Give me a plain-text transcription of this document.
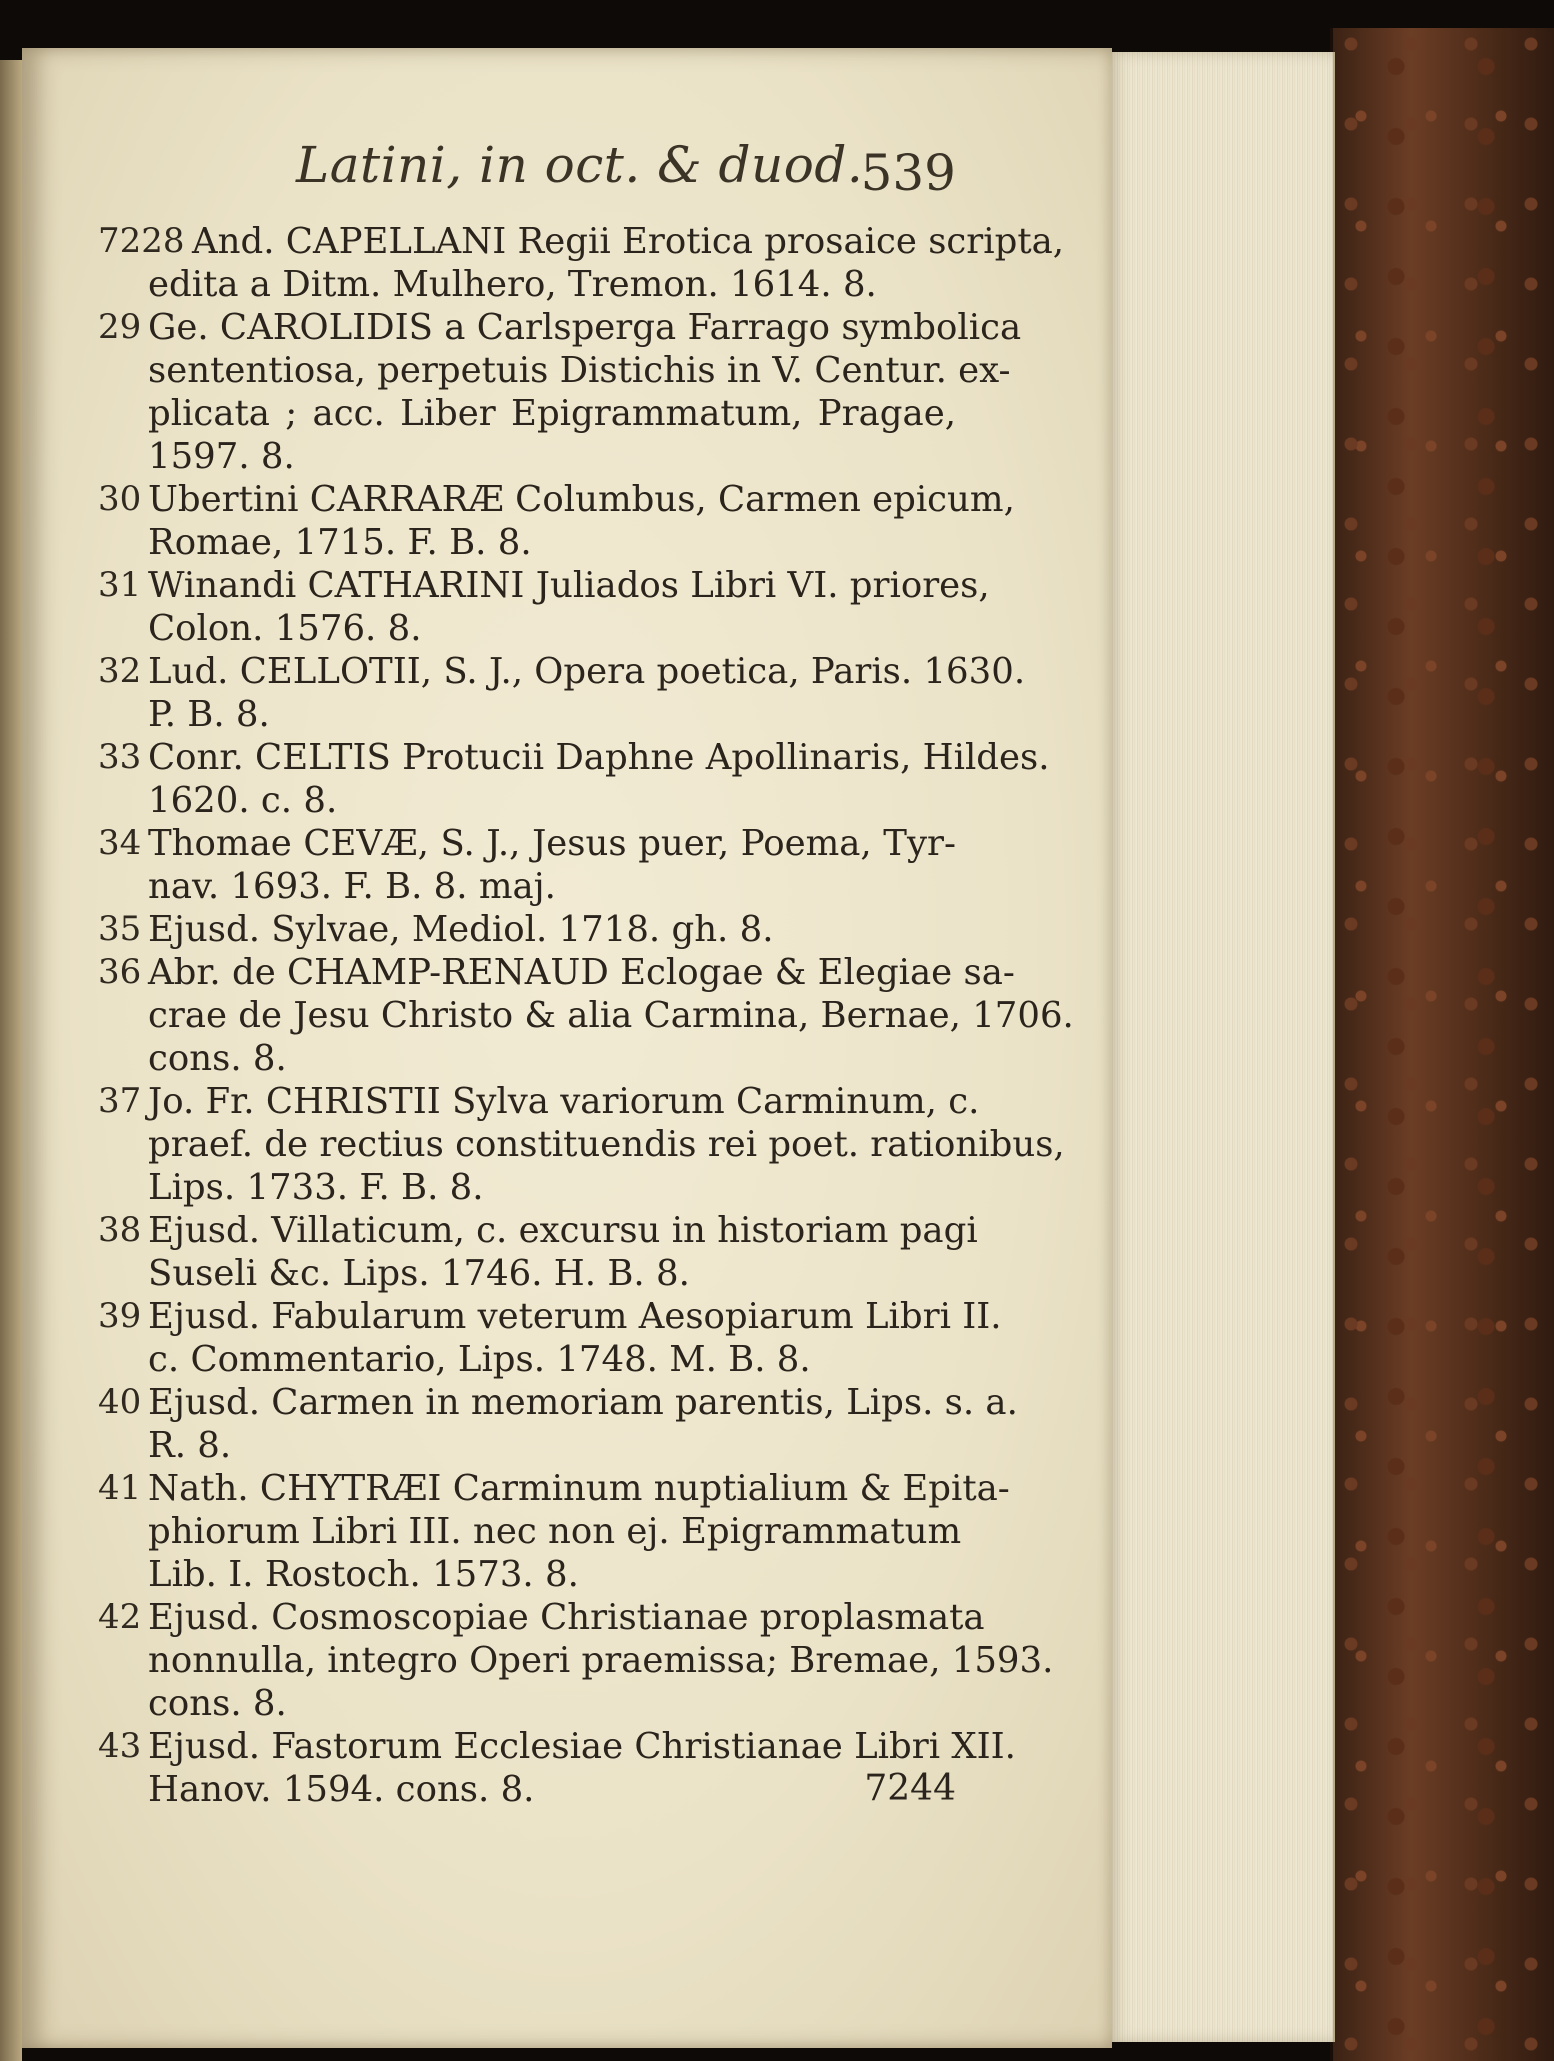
Latini, in oct. & duod.
539
7228 And. CAPELLANI Regii Erotica prosaice scripta,
edita a Ditm. Mulhero, Tremon. 1614. 8.
29 Ge. CAROLIDIS a Carlsperga Farrago symbolica
sententiosa, perpetuis Distichis in V. Centur. ex-
plicata ; acc. Liber Epigrammatum, Pragae,
1597. 8.
30 Ubertini CARRARÆ Columbus, Carmen epicum,
Romae, 1715. F. B. 8.
31 Winandi CATHARINI Juliados Libri VI. priores,
Colon. 1576. 8.
32 Lud. CELLOTII, S. J., Opera poetica, Paris. 1630.
P. B. 8.
33 Conr. CELTIS Protucii Daphne Apollinaris, Hildes.
1620. c. 8.
34 Thomae CEVÆ, S. J., Jesus puer, Poema, Tyr-
nav. 1693. F. B. 8. maj.
35 Ejusd. Sylvae, Mediol. 1718. gh. 8.
36 Abr. de CHAMP-RENAUD Eclogae & Elegiae sa-
crae de Jesu Christo & alia Carmina, Bernae, 1706.
cons. 8.
37 Jo. Fr. CHRISTII Sylva variorum Carminum, c.
praef. de rectius constituendis rei poet. rationibus,
Lips. 1733. F. B. 8.
38 Ejusd. Villaticum, c. excursu in historiam pagi
Suseli &c. Lips. 1746. H. B. 8.
39 Ejusd. Fabularum veterum Aesopiarum Libri II.
c. Commentario, Lips. 1748. M. B. 8.
40 Ejusd. Carmen in memoriam parentis, Lips. s. a.
R. 8.
41 Nath. CHYTRÆI Carminum nuptialium & Epita-
phiorum Libri III. nec non ej. Epigrammatum
Lib. I. Rostoch. 1573. 8.
42 Ejusd. Cosmoscopiae Christianae proplasmata
nonnulla, integro Operi praemissa; Bremae, 1593.
cons. 8.
43 Ejusd. Fastorum Ecclesiae Christianae Libri XII.
Hanov. 1594. cons. 8.	7244
